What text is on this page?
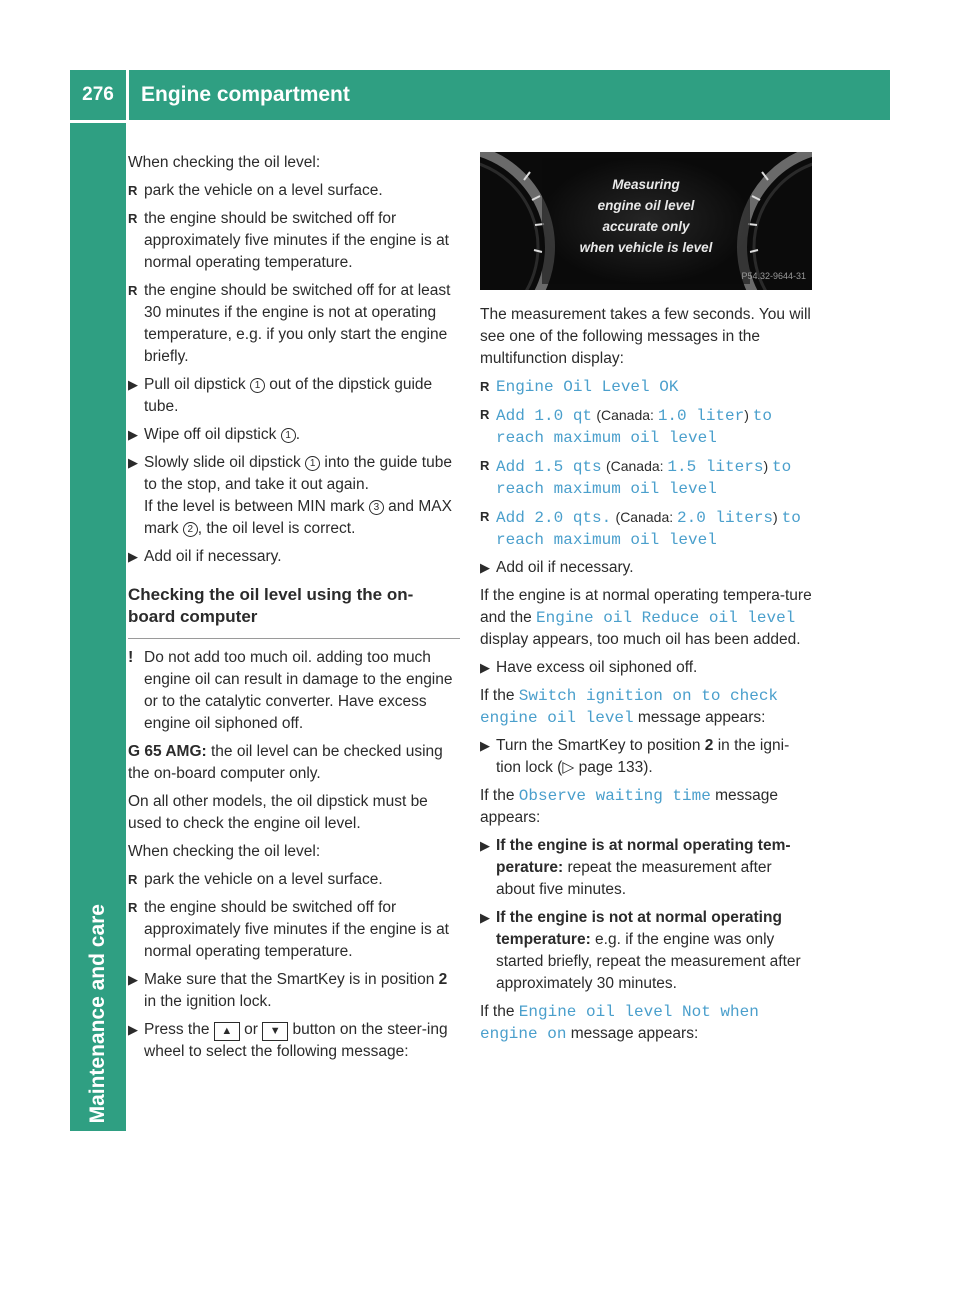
276	Engine compartment
Maintenance and care

When checking the oil level:

R park the vehicle on a level surface.
R the engine should be switched off for approximately five minutes if the engine is at normal operating temperature.
R the engine should be switched off for at least 30 minutes if the engine is not at operating temperature, e.g. if you only start the engine briefly.
▶ Pull oil dipstick 1 out of the dipstick guide tube.
▶ Wipe off oil dipstick 1 .
▶ Slowly slide oil dipstick 1 into the guide tube to the stop, and take it out again.
If the level is between MIN mark 3 and MAX mark 2 , the oil level is correct.
▶ Add oil if necessary.
Checking the oil level using the on-board computer
! Do not add too much oil. adding too much engine oil can result in damage to the engine or to the catalytic converter. Have excess engine oil siphoned off.

G 65 AMG: the oil level can be checked using the on-board computer only.

On all other models, the oil dipstick must be used to check the engine oil level.

When checking the oil level:

R park the vehicle on a level surface.
R the engine should be switched off for approximately five minutes if the engine is at normal operating temperature.
▶ Make sure that the SmartKey is in position 2 in the ignition lock.
▶ Press the ▲ or ▼ button on the steer-ing wheel to select the following message:
Measuring
engine oil level
accurate only
when vehicle is level
P54.32-9644-31

The measurement takes a few seconds. You will see one of the following messages in the multifunction display:

R Engine Oil Level OK
R Add 1.0 qt (Canada: 1.0 liter) to reach maximum oil level
R Add 1.5 qts (Canada: 1.5 liters) to reach maximum oil level
R Add 2.0 qts. (Canada: 2.0 liters) to reach maximum oil level
▶ Add oil if necessary.

If the engine is at normal operating tempera-ture and the Engine oil Reduce oil level display appears, too much oil has been added.

▶ Have excess oil siphoned off.

If the Switch ignition on to check engine oil level message appears:

▶ Turn the SmartKey to position 2 in the igni-tion lock (▷ page 133).

If the Observe waiting time message appears:

▶ If the engine is at normal operating tem-perature: repeat the measurement after about five minutes.
▶ If the engine is not at normal operating temperature: e.g. if the engine was only started briefly, repeat the measurement after approximately 30 minutes.

If the Engine oil level Not when engine on message appears:
